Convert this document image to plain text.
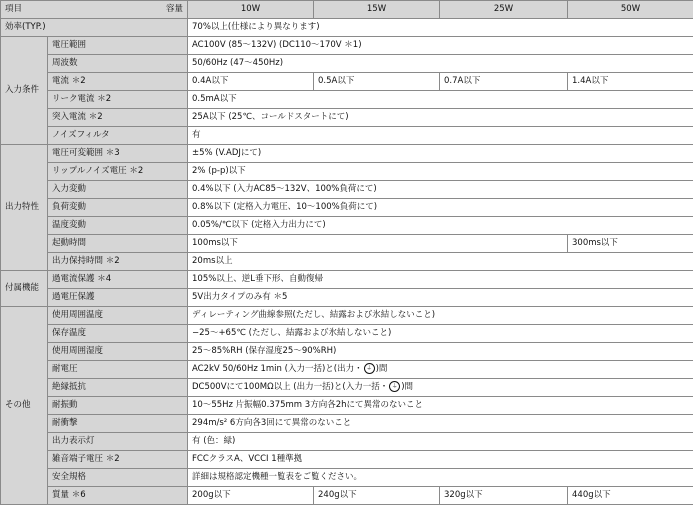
項目 容量		10W	15W	25W	50W
効率(TYP.)		70%以上(仕様により異なります)			
入力条件	電圧範囲	AC100V (85～132V) (DC110～170V ＊1)			
	周波数	50/60Hz (47～450Hz)			
	電流 ＊2	0.4A以下	0.5A以下	0.7A以下	1.4A以下
	リーク電流 ＊2	0.5mA以下			
	突入電流 ＊2	25A以下 (25℃、コールドスタートにて)			
	ノイズフィルタ	有			
出力特性	電圧可変範囲 ＊3	±5% (V.ADJにて)			
	リップルノイズ電圧 ＊2	2% (p-p)以下			
	入力変動	0.4%以下 (入力AC85～132V、100%負荷にて)			
	負荷変動	0.8%以下 (定格入力電圧、10～100%負荷にて)			
	温度変動	0.05%/℃以下 (定格入力出力にて)			
	起動時間	100ms以下			300ms以下
	出力保持時間 ＊2	20ms以上			
付属機能	過電流保護 ＊4	105%以上、逆L垂下形、自動復帰			
	過電圧保護	5V出力タイプのみ有 ＊5			
その他	使用周囲温度	ディレーティング曲線参照(ただし、結露および氷結しないこと)			
	保存温度	−25～+65℃ (ただし、結露および氷結しないこと)			
	使用周囲湿度	25～85%RH (保存湿度25～90%RH)			
	耐電圧	AC2kV 50/60Hz 1min (入力一括)と(出力・ ⏚ )間			
	絶縁抵抗	DC500Vにて100MΩ以上 (出力一括)と(入力一括・ ⏚ )間			
	耐振動	10～55Hz 片振幅0.375mm 3方向各2hにて異常のないこと			
	耐衝撃	294m/s² 6方向各3回にて異常のないこと			
	出力表示灯	有 (色：緑)			
	雑音端子電圧 ＊2	FCCクラスA、VCCI 1種準拠			
	安全規格	詳細は規格認定機種一覧表をご覧ください。			
	質量 ＊6	200g以下	240g以下	320g以下	440g以下
